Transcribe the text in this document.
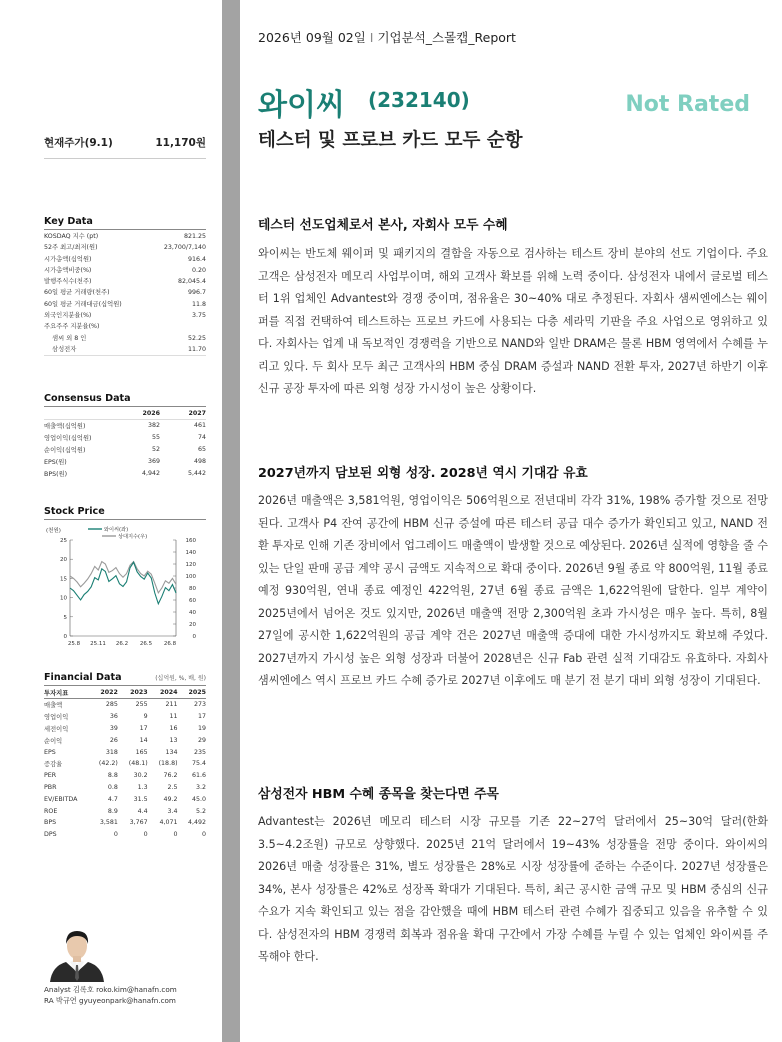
Not Rated
현재주가(9.1)	11,170원
Key Data
KOSDAQ 지수 (pt)	821.25
52주 최고/최저(원)	23,700/7,140
시가총액(십억원)	916.4
시가총액비중(%)	0.20
발행주식수(천주)	82,045.4
60일 평균 거래량(천주)	996.7
60일 평균 거래대금(십억원)	11.8
외국인지분율(%)	3.75
주요주주 지분율(%)
샘씨 외 8 인	52.25
삼성전자	11.70
Consensus Data
	2026	2027
매출액(십억원)	382	461
영업이익(십억원)	55	74
순이익(십억원)	52	65
EPS(원)	369	498
BPS(원)	4,942	5,442
Stock Price
(천원)	와이씨(좌)
상대지수(우)
25
20
15
10
5
0
160
140
120
100
80
60
40
20
0
25.8 25.11 26.2 26.5 26.8
Financial Data	(십억원, %, 배, 원)
투자지표	2022	2023	2024	2025
매출액	285	255	211	273
영업이익	36	9	11	17
세전이익	39	17	16	19
순이익	26	14	13	29
EPS	318	165	134	235
증감율	(42.2)	(48.1)	(18.8)	75.4
PER	8.8	30.2	76.2	61.6
PBR	0.8	1.3	2.5	3.2
EV/EBITDA	4.7	31.5	49.2	45.0
ROE	8.9	4.4	3.4	5.2
BPS	3,581	3,767	4,071	4,492
DPS	0	0	0	0
Analyst 김록호 roko.kim@hanafn.com
RA 박규연 gyuyeonpark@hanafn.com
2026년 09월 02일 I 기업분석_스몰캡_Report
와이씨 (232140)
테스터 및 프로브 카드 모두 순항
테스터 선도업체로서 본사, 자회사 모두 수혜

와이씨는 반도체 웨이퍼 및 패키지의 결함을 자동으로 검사하는 테스트 장비 분야의 선도 기업이다. 주요 고객은 삼성전자 메모리 사업부이며, 해외 고객사 확보를 위해 노력 중이다. 삼성전자 내에서 글로벌 테스터 1위 업체인 Advantest와 경쟁 중이며, 점유율은 30~40% 대로 추정된다. 자회사 샘씨엔에스는 웨이퍼를 직접 컨택하여 테스트하는 프로브 카드에 사용되는 다층 세라믹 기판을 주요 사업으로 영위하고 있다. 자회사는 업계 내 독보적인 경쟁력을 기반으로 NAND와 일반 DRAM은 물론 HBM 영역에서 수혜를 누리고 있다. 두 회사 모두 최근 고객사의 HBM 중심 DRAM 증설과 NAND 전환 투자, 2027년 하반기 이후 신규 공장 투자에 따른 외형 성장 가시성이 높은 상황이다.

2027년까지 담보된 외형 성장. 2028년 역시 기대감 유효

2026년 매출액은 3,581억원, 영업이익은 506억원으로 전년대비 각각 31%, 198% 증가할 것으로 전망된다. 고객사 P4 잔여 공간에 HBM 신규 증설에 따른 테스터 공급 대수 증가가 확인되고 있고, NAND 전환 투자로 인해 기존 장비에서 업그레이드 매출액이 발생할 것으로 예상된다. 2026년 실적에 영향을 줄 수 있는 단일 판매 공급 계약 공시 금액도 지속적으로 확대 중이다. 2026년 9월 종료 약 800억원, 11월 종료 예정 930억원, 연내 종료 예정인 422억원, 27년 6월 종료 금액은 1,622억원에 달한다. 일부 계약이 2025년에서 넘어온 것도 있지만, 2026년 매출액 전망 2,300억원 초과 가시성은 매우 높다. 특히, 8월 27일에 공시한 1,622억원의 공급 계약 건은 2027년 매출액 증대에 대한 가시성까지도 확보해 주었다. 2027년까지 가시성 높은 외형 성장과 더불어 2028년은 신규 Fab 관련 실적 기대감도 유효하다. 자회사 샘씨엔에스 역시 프로브 카드 수혜 증가로 2027년 이후에도 매 분기 전 분기 대비 외형 성장이 기대된다.

삼성전자 HBM 수혜 종목을 찾는다면 주목

Advantest는 2026년 메모리 테스터 시장 규모를 기존 22~27억 달러에서 25~30억 달러(한화 3.5~4.2조원) 규모로 상향했다. 2025년 21억 달러에서 19~43% 성장률을 전망 중이다. 와이씨의 2026년 매출 성장률은 31%, 별도 성장률은 28%로 시장 성장률에 준하는 수준이다. 2027년 성장률은 34%, 본사 성장률은 42%로 성장폭 확대가 기대된다. 특히, 최근 공시한 금액 규모 및 HBM 중심의 신규 수요가 지속 확인되고 있는 점을 감안했을 때에 HBM 테스터 관련 수혜가 집중되고 있음을 유추할 수 있다. 삼성전자의 HBM 경쟁력 회복과 점유율 확대 구간에서 가장 수혜를 누릴 수 있는 업체인 와이씨를 주목해야 한다.
